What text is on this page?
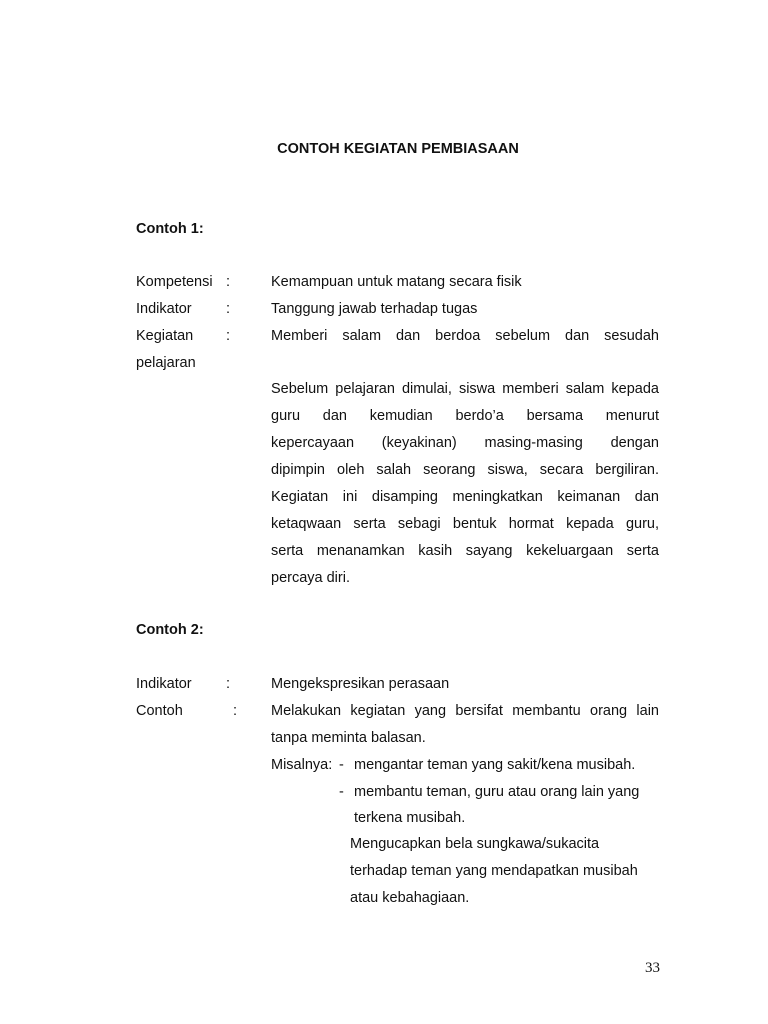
CONTOH KEGIATAN PEMBIASAAN
Contoh 1:
Kompetensi :	Kemampuan untuk matang secara fisik
Indikator :	Tanggung jawab terhadap tugas
Kegiatan :	Memberi salam dan berdoa sebelum dan sesudah
pelajaran
Sebelum pelajaran dimulai, siswa memberi salam kepada
guru dan kemudian berdo’a bersama menurut
kepercayaan (keyakinan) masing-masing dengan
dipimpin oleh salah seorang siswa, secara bergiliran.
Kegiatan ini disamping meningkatkan keimanan dan
ketaqwaan serta sebagi bentuk hormat kepada guru,
serta menanamkan kasih sayang kekeluargaan serta
percaya diri.
Contoh 2:
Indikator :	Mengekspresikan perasaan
Contoh	: Melakukan kegiatan yang bersifat membantu orang lain
tanpa meminta balasan.
Misalnya: - mengantar teman yang sakit/kena musibah.
- membantu teman, guru atau orang lain yang
terkena musibah.
Mengucapkan bela sungkawa/sukacita
terhadap teman yang mendapatkan musibah
atau kebahagiaan.
33
